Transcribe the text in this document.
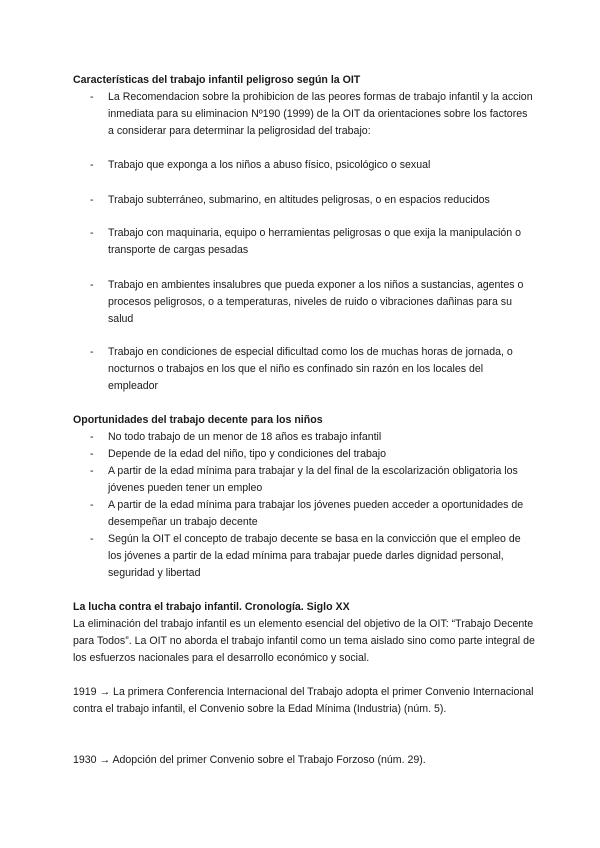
Características del trabajo infantil peligroso según la OIT
- La Recomendacion sobre la prohibicion de las peores formas de trabajo infantil y la accion inmediata para su eliminacion Nº190 (1999) de la OIT da orientaciones sobre los factores a considerar para determinar la peligrosidad del trabajo:
- Trabajo que exponga a los niños a abuso físico, psicológico o sexual
- Trabajo subterráneo, submarino, en altitudes peligrosas, o en espacios reducidos
- Trabajo con maquinaria, equipo o herramientas peligrosas o que exija la manipulación o transporte de cargas pesadas
- Trabajo en ambientes insalubres que pueda exponer a los niños a sustancias, agentes o procesos peligrosos, o a temperaturas, niveles de ruido o vibraciones dañinas para su salud
- Trabajo en condiciones de especial dificultad como los de muchas horas de jornada, o nocturnos o trabajos en los que el niño es confinado sin razón en los locales del empleador
Oportunidades del trabajo decente para los niños
- No todo trabajo de un menor de 18 años es trabajo infantil
- Depende de la edad del niño, tipo y condiciones del trabajo
- A partir de la edad mínima para trabajar y la del final de la escolarización obligatoria los jóvenes pueden tener un empleo
- A partir de la edad mínima para trabajar los jóvenes pueden acceder a oportunidades de desempeñar un trabajo decente
- Según la OIT el concepto de trabajo decente se basa en la convicción que el empleo de los jóvenes a partir de la edad mínima para trabajar puede darles dignidad personal, seguridad y libertad
La lucha contra el trabajo infantil. Cronología. Siglo XX
La eliminación del trabajo infantil es un elemento esencial del objetivo de la OIT: “Trabajo Decente para Todos”. La OIT no aborda el trabajo infantil como un tema aislado sino como parte integral de los esfuerzos nacionales para el desarrollo económico y social.
1919 → La primera Conferencia Internacional del Trabajo adopta el primer Convenio Internacional contra el trabajo infantil, el Convenio sobre la Edad Mínima (Industria) (núm. 5).
1930 → Adopción del primer Convenio sobre el Trabajo Forzoso (núm. 29).
